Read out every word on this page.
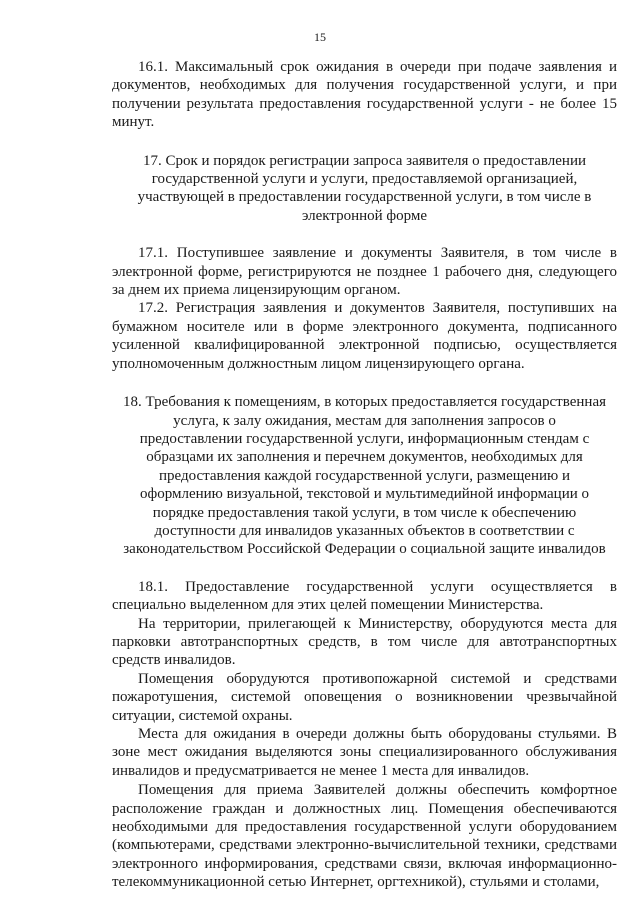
15

16.1. Максимальный срок ожидания в очереди при подаче заявления и документов, необходимых для получения государственной услуги, и при получении результата предоставления государственной услуги - не более 15 минут.

17. Срок и порядок регистрации запроса заявителя о предоставлении государственной услуги и услуги, предоставляемой организацией, участвующей в предоставлении государственной услуги, в том числе в электронной форме

17.1. Поступившее заявление и документы Заявителя, в том числе в электронной форме, регистрируются не позднее 1 рабочего дня, следующего за днем их приема лицензирующим органом.

17.2. Регистрация заявления и документов Заявителя, поступивших на бумажном носителе или в форме электронного документа, подписанного усиленной квалифицированной электронной подписью, осуществляется уполномоченным должностным лицом лицензирующего органа.

18. Требования к помещениям, в которых предоставляется государственная услуга, к залу ожидания, местам для заполнения запросов о предоставлении государственной услуги, информационным стендам с образцами их заполнения и перечнем документов, необходимых для предоставления каждой государственной услуги, размещению и оформлению визуальной, текстовой и мультимедийной информации о порядке предоставления такой услуги, в том числе к обеспечению доступности для инвалидов указанных объектов в соответствии с законодательством Российской Федерации о социальной защите инвалидов

18.1. Предоставление государственной услуги осуществляется в специально выделенном для этих целей помещении Министерства.

На территории, прилегающей к Министерству, оборудуются места для парковки автотранспортных средств, в том числе для автотранспортных средств инвалидов.

Помещения оборудуются противопожарной системой и средствами пожаротушения, системой оповещения о возникновении чрезвычайной ситуации, системой охраны.

Места для ожидания в очереди должны быть оборудованы стульями. В зоне мест ожидания выделяются зоны специализированного обслуживания инвалидов и предусматривается не менее 1 места для инвалидов.

Помещения для приема Заявителей должны обеспечить комфортное расположение граждан и должностных лиц. Помещения обеспечиваются необходимыми для предоставления государственной услуги оборудованием (компьютерами, средствами электронно-вычислительной техники, средствами электронного информирования, средствами связи, включая информационно-телекоммуникационной сетью Интернет, оргтехникой), стульями и столами,
